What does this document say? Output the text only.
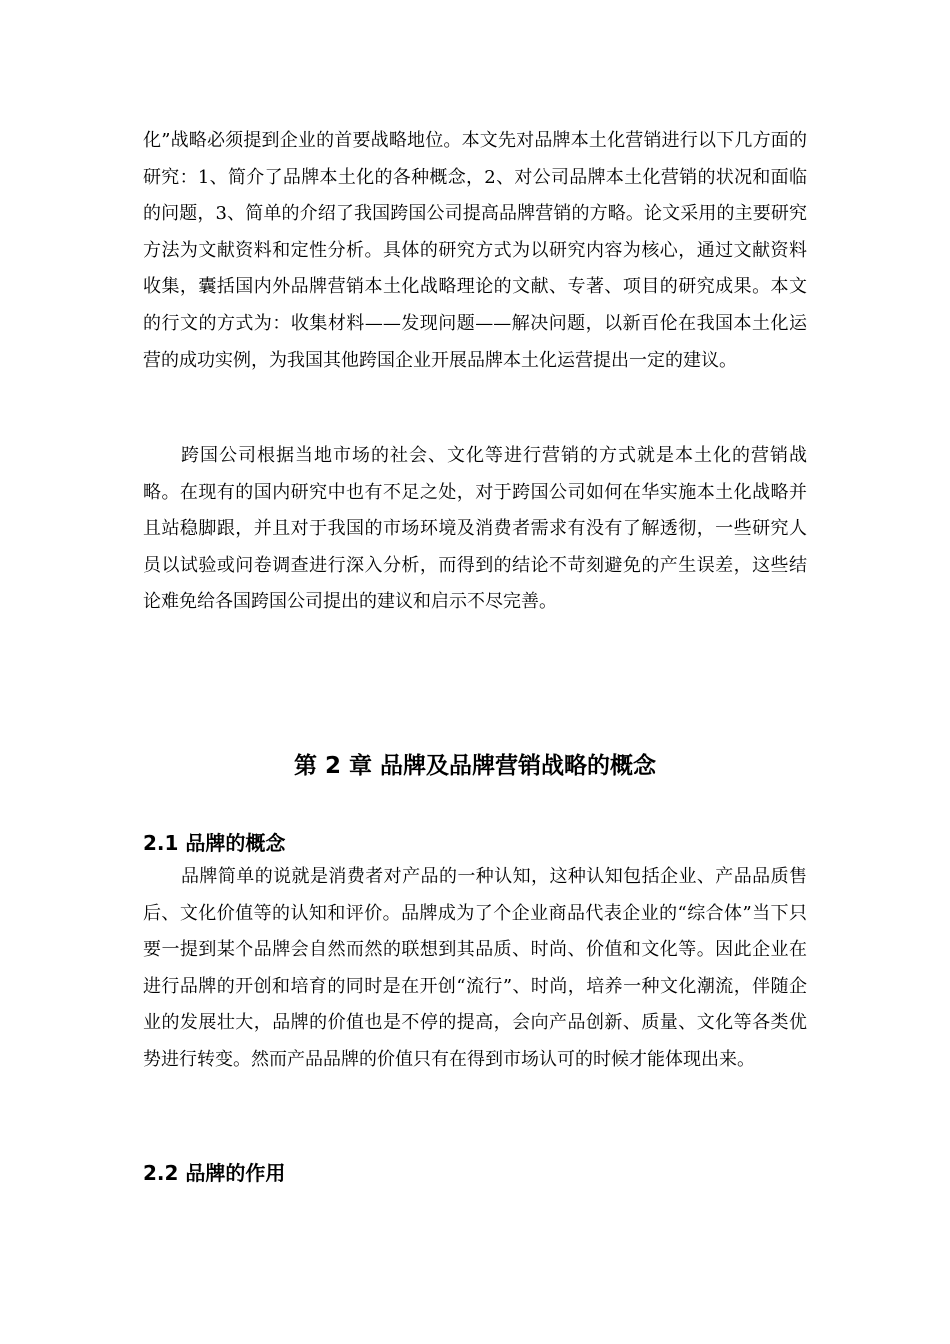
化”战略必须提到企业的首要战略地位。本文先对品牌本土化营销进行以下几方面的研究：1、简介了品牌本土化的各种概念，2、对公司品牌本土化营销的状况和面临的问题，3、简单的介绍了我国跨国公司提高品牌营销的方略。论文采用的主要研究方法为文献资料和定性分析。具体的研究方式为以研究内容为核心，通过文献资料收集，囊括国内外品牌营销本土化战略理论的文献、专著、项目的研究成果。本文的行文的方式为：收集材料——发现问题——解决问题，以新百伦在我国本土化运营的成功实例，为我国其他跨国企业开展品牌本土化运营提出一定的建议。

跨国公司根据当地市场的社会、文化等进行营销的方式就是本土化的营销战略。在现有的国内研究中也有不足之处，对于跨国公司如何在华实施本土化战略并且站稳脚跟，并且对于我国的市场环境及消费者需求有没有了解透彻，一些研究人员以试验或问卷调查进行深入分析，而得到的结论不苛刻避免的产生误差，这些结论难免给各国跨国公司提出的建议和启示不尽完善。

第 2 章 品牌及品牌营销战略的概念
2.1 品牌的概念

品牌简单的说就是消费者对产品的一种认知，这种认知包括企业、产品品质售后、文化价值等的认知和评价。品牌成为了个企业商品代表企业的“综合体”当下只要一提到某个品牌会自然而然的联想到其品质、时尚、价值和文化等。因此企业在进行品牌的开创和培育的同时是在开创“流行”、时尚，培养一种文化潮流，伴随企业的发展壮大，品牌的价值也是不停的提高，会向产品创新、质量、文化等各类优势进行转变。然而产品品牌的价值只有在得到市场认可的时候才能体现出来。

2.2 品牌的作用
